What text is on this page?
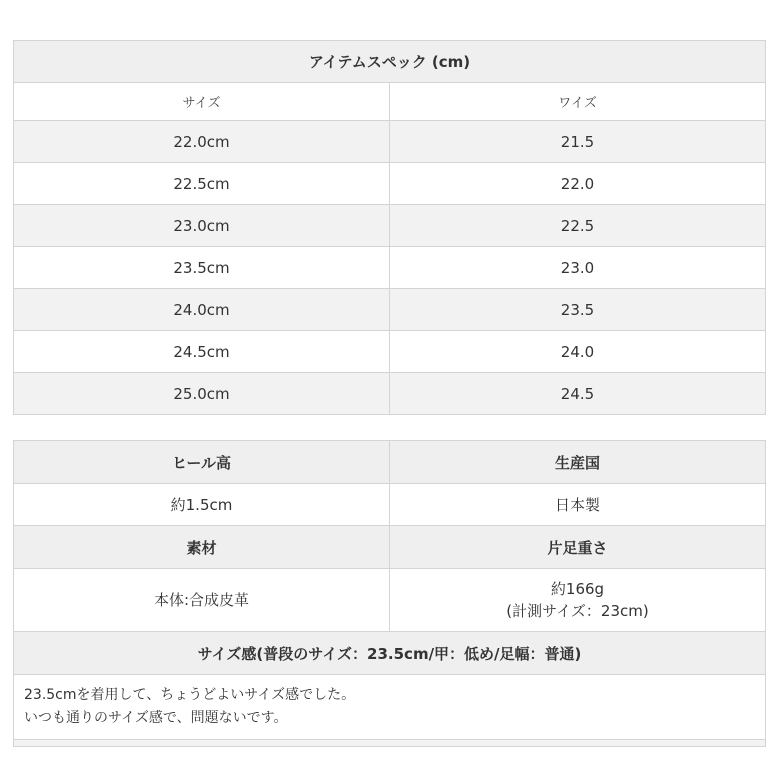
アイテムスペック (cm)	
サイズ	ワイズ
22.0cm	21.5
22.5cm	22.0
23.0cm	22.5
23.5cm	23.0
24.0cm	23.5
24.5cm	24.0
25.0cm	24.5
ヒール高	生産国
約1.5cm	日本製
素材	片足重さ
本体:合成皮革	約166g
(計測サイズ：23cm)

サイズ感(普段のサイズ：23.5cm/甲：低め/足幅：普通)	

23.5cmを着用して、ちょうどよいサイズ感でした。
いつも通りのサイズ感で、問題ないです。	
